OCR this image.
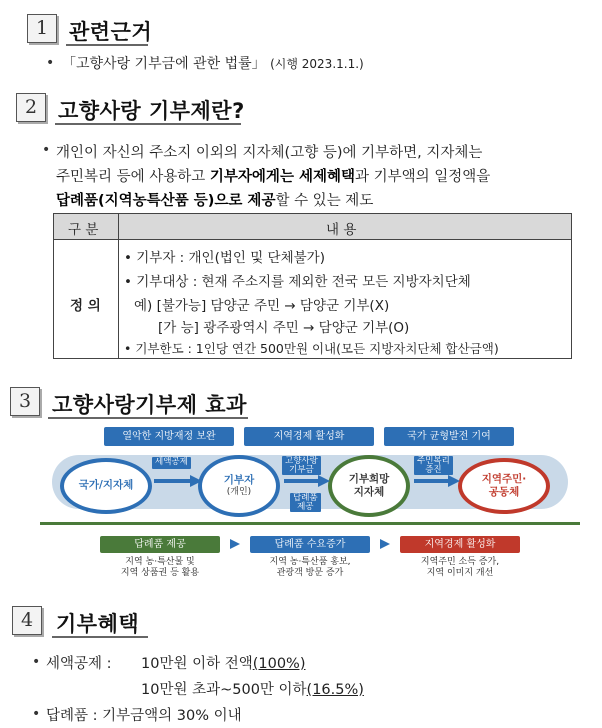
1 관련근거
• 「고향사랑 기부금에 관한 법률」 (시행 2023.1.1.)
2 고향사랑 기부제란?
• 개인이 자신의 주소지 이외의 지자체(고향 등)에 기부하면, 지자체는
주민복리 등에 사용하고 기부자에게는 세제혜택과 기부액의 일정액을
답례품(지역농특산품 등)으로 제공할 수 있는 제도
구 분	내 용
정 의
• 기부자 : 개인(법인 및 단체불가)
• 기부대상 : 현재 주소지를 제외한 전국 모든 지방자치단체
예) [불가능] 담양군 주민 → 담양군 기부(X)
[가 능] 광주광역시 주민 → 담양군 기부(O)
• 기부한도 : 1인당 연간 500만원 이내(모든 지방자치단체 합산금액)
3 고향사랑기부제 효과
열악한 지방재정 보완	지역경제 활성화	국가 균형발전 기여
국가/지자체	기부자
(개인)
기부희망
지자체
지역주민·
공동체
세액공제	고향사랑
기부금
답례품
제공
주민복리
증진
답례품 제공	답례품 수요증가	지역경제 활성화
지역 농·특산물 및
지역 상품권 등 활용
지역 농·특산품 홍보,
관광객 방문 증가
지역주민 소득 증가,
지역 이미지 개선
4	기부혜택
• 세액공제 : 10만원 이하 전액(100%)
10만원 초과~500만 이하(16.5%)
• 답례품 : 기부금액의 30% 이내
